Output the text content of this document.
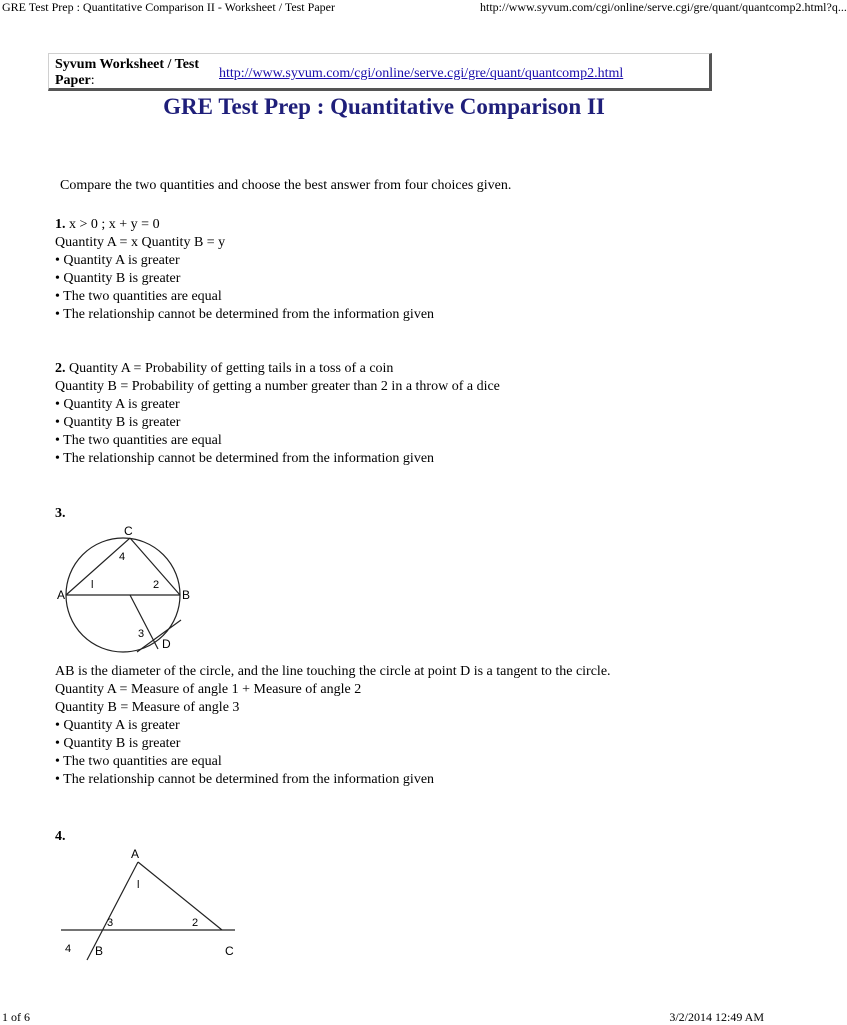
GRE Test Prep : Quantitative Comparison II - Worksheet / Test Paper	http://www.syvum.com/cgi/online/serve.cgi/gre/quant/quantcomp2.html?q...
Syvum Worksheet / Test Paper:	http://www.syvum.com/cgi/online/serve.cgi/gre/quant/quantcomp2.html
GRE Test Prep : Quantitative Comparison II
Compare the two quantities and choose the best answer from four choices given.
1. x > 0 ; x + y = 0
Quantity A = x Quantity B = y
• Quantity A is greater
• Quantity B is greater
• The two quantities are equal
• The relationship cannot be determined from the information given
2. Quantity A = Probability of getting tails in a toss of a coin
Quantity B = Probability of getting a number greater than 2 in a throw of a dice
• Quantity A is greater
• Quantity B is greater
• The two quantities are equal
• The relationship cannot be determined from the information given
3.
C
A	B
D
l	2
3
4
AB is the diameter of the circle, and the line touching the circle at point D is a tangent to the circle.
Quantity A = Measure of angle 1 + Measure of angle 2
Quantity B = Measure of angle 3
• Quantity A is greater
• Quantity B is greater
• The two quantities are equal
• The relationship cannot be determined from the information given
4.
A
B	C
l
2
3
4
1 of 6	3/2/2014 12:49 AM
